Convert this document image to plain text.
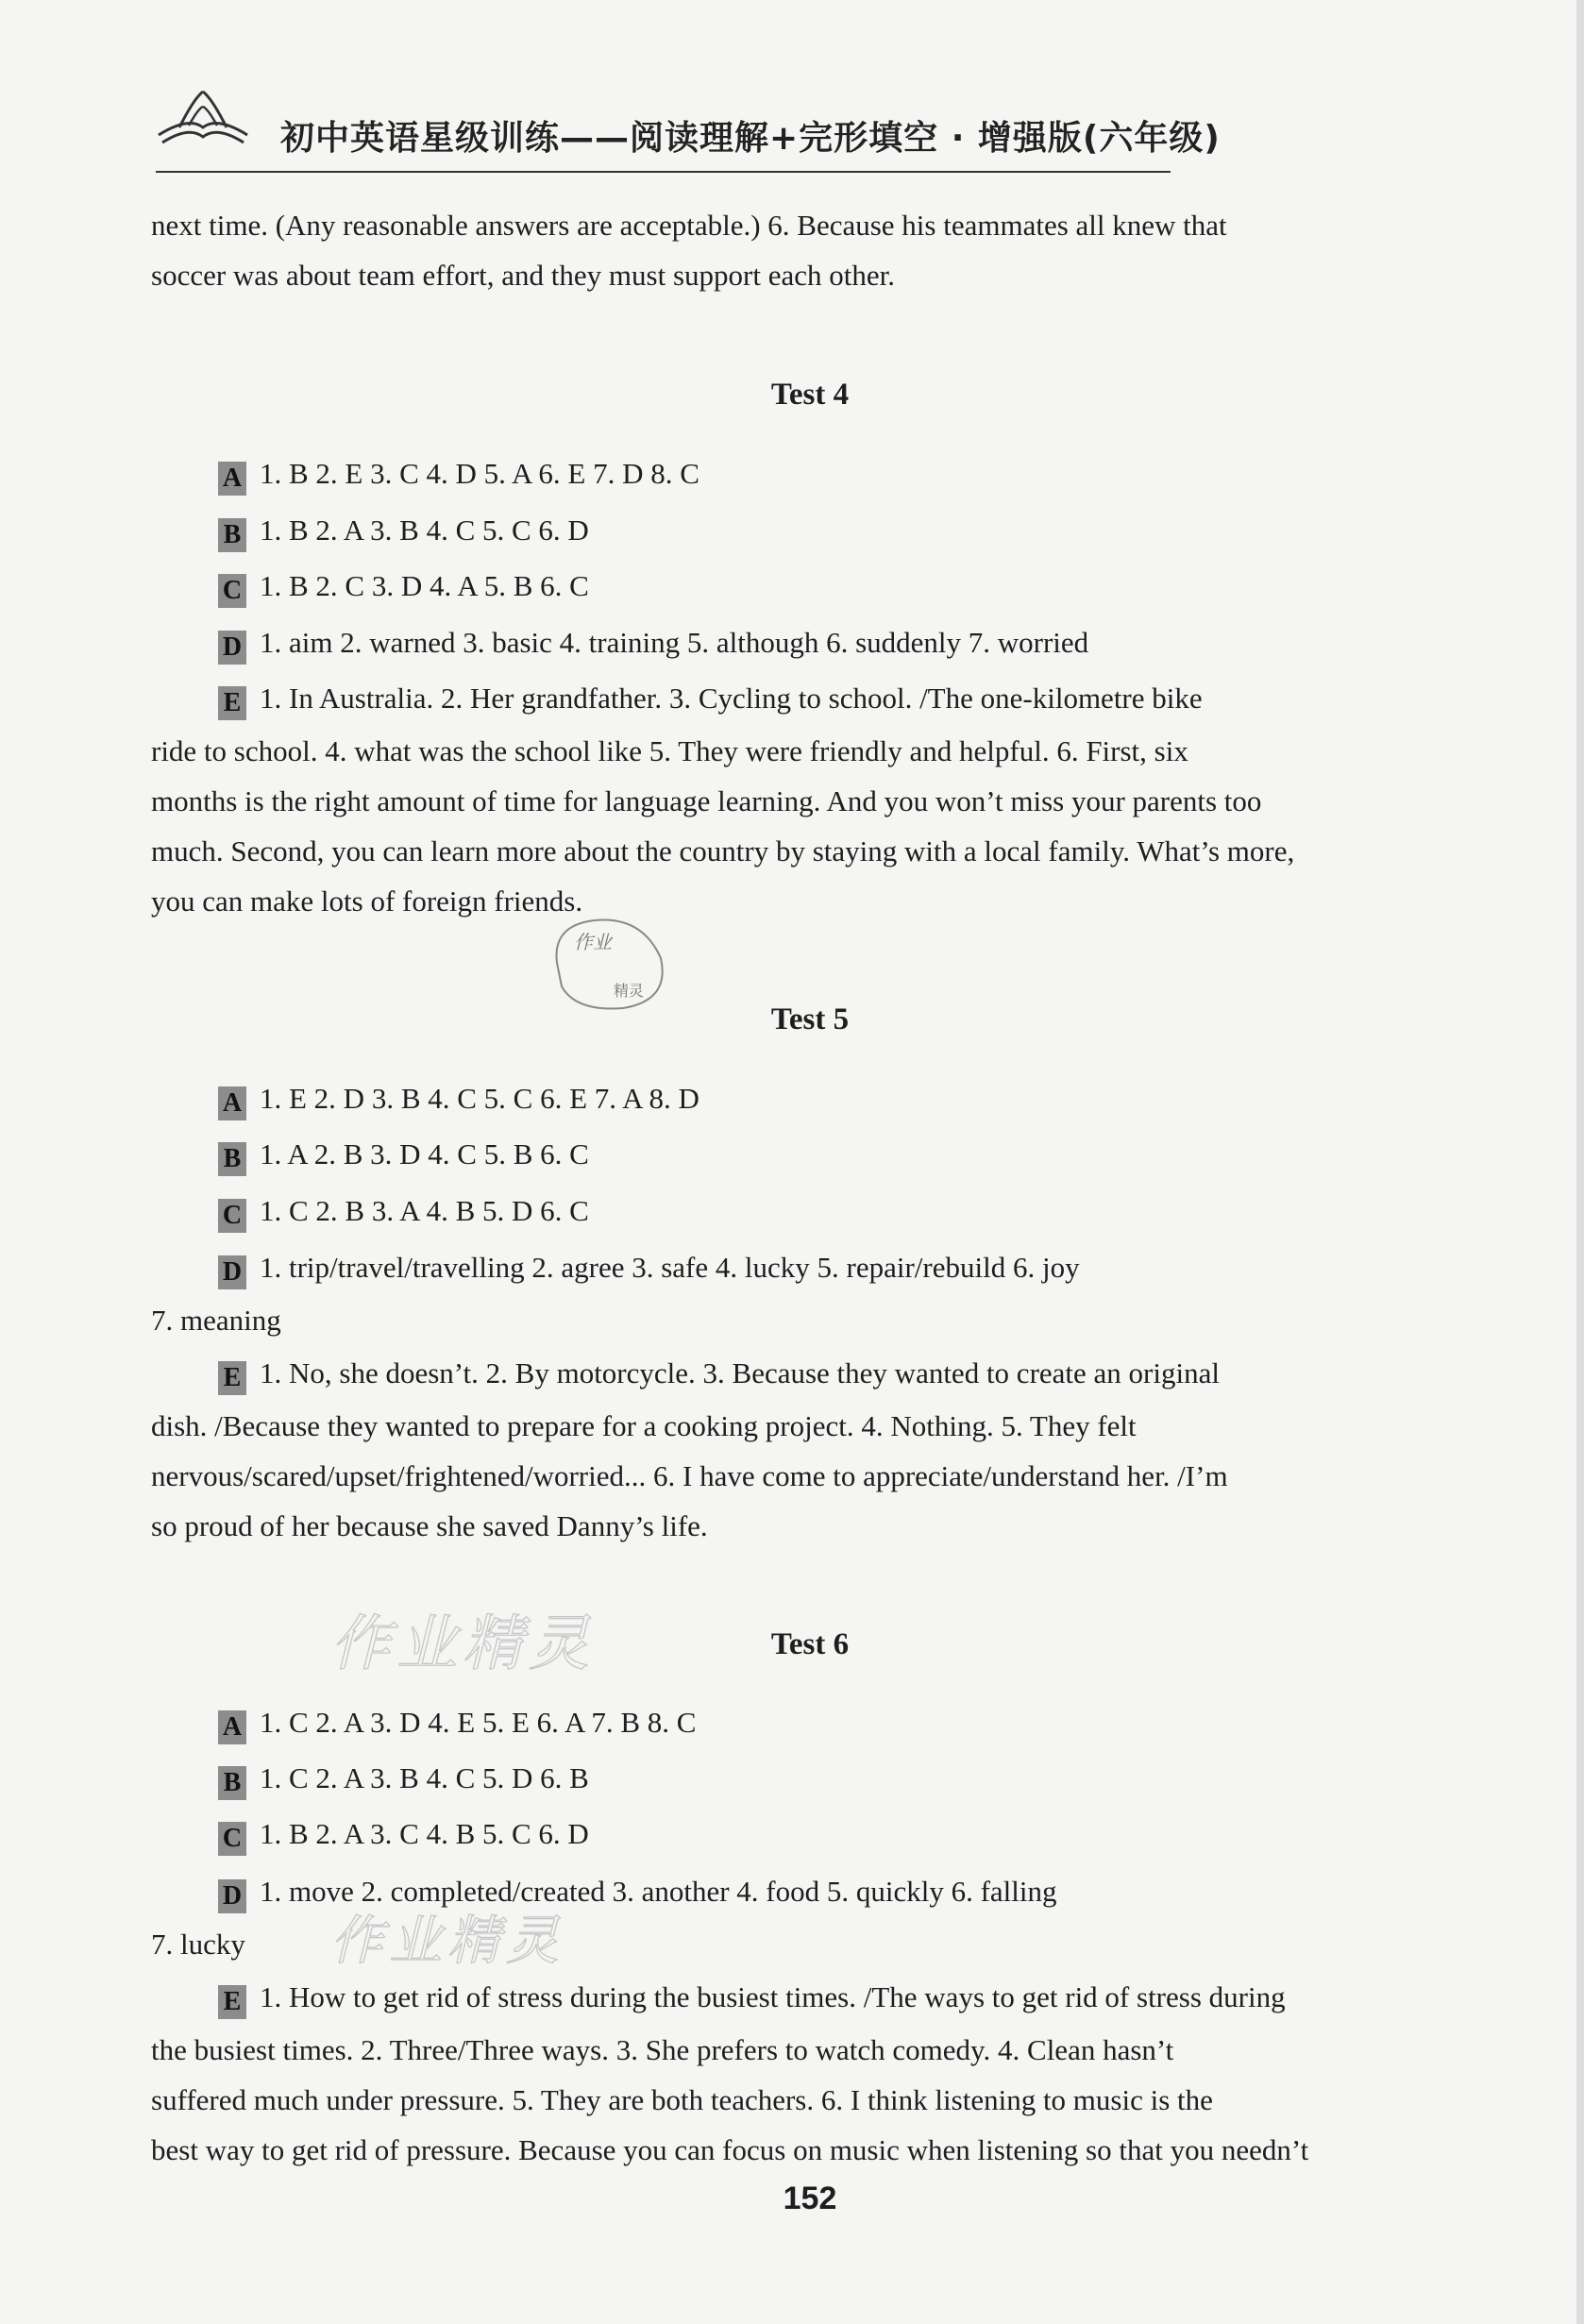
初中英语星级训练——阅读理解+完形填空 · 增强版(六年级)
next time. (Any reasonable answers are acceptable.) 6. Because his teammates all knew that
soccer was about team effort, and they must support each other.
Test 4
A 1. B 2. E 3. C 4. D 5. A 6. E 7. D 8. C
B 1. B 2. A 3. B 4. C 5. C 6. D
C 1. B 2. C 3. D 4. A 5. B 6. C
D 1. aim 2. warned 3. basic 4. training 5. although 6. suddenly 7. worried
E 1. In Australia. 2. Her grandfather. 3. Cycling to school. /The one-kilometre bike
ride to school. 4. what was the school like 5. They were friendly and helpful. 6. First, six
months is the right amount of time for language learning. And you won’t miss your parents too
much. Second, you can learn more about the country by staying with a local family. What’s more,
you can make lots of foreign friends.
作业
精灵
Test 5
A 1. E 2. D 3. B 4. C 5. C 6. E 7. A 8. D
B 1. A 2. B 3. D 4. C 5. B 6. C
C 1. C 2. B 3. A 4. B 5. D 6. C
D 1. trip/travel/travelling 2. agree 3. safe 4. lucky 5. repair/rebuild 6. joy
7. meaning
E 1. No, she doesn’t. 2. By motorcycle. 3. Because they wanted to create an original
dish. /Because they wanted to prepare for a cooking project. 4. Nothing. 5. They felt
nervous/scared/upset/frightened/worried... 6. I have come to appreciate/understand her. /I’m
so proud of her because she saved Danny’s life.
作业精灵
作业精灵
Test 6
A 1. C 2. A 3. D 4. E 5. E 6. A 7. B 8. C
B 1. C 2. A 3. B 4. C 5. D 6. B
C 1. B 2. A 3. C 4. B 5. C 6. D
D 1. move 2. completed/created 3. another 4. food 5. quickly 6. falling
7. lucky
E 1. How to get rid of stress during the busiest times. /The ways to get rid of stress during
the busiest times. 2. Three/Three ways. 3. She prefers to watch comedy. 4. Clean hasn’t
suffered much under pressure. 5. They are both teachers. 6. I think listening to music is the
best way to get rid of pressure. Because you can focus on music when listening so that you needn’t
152
